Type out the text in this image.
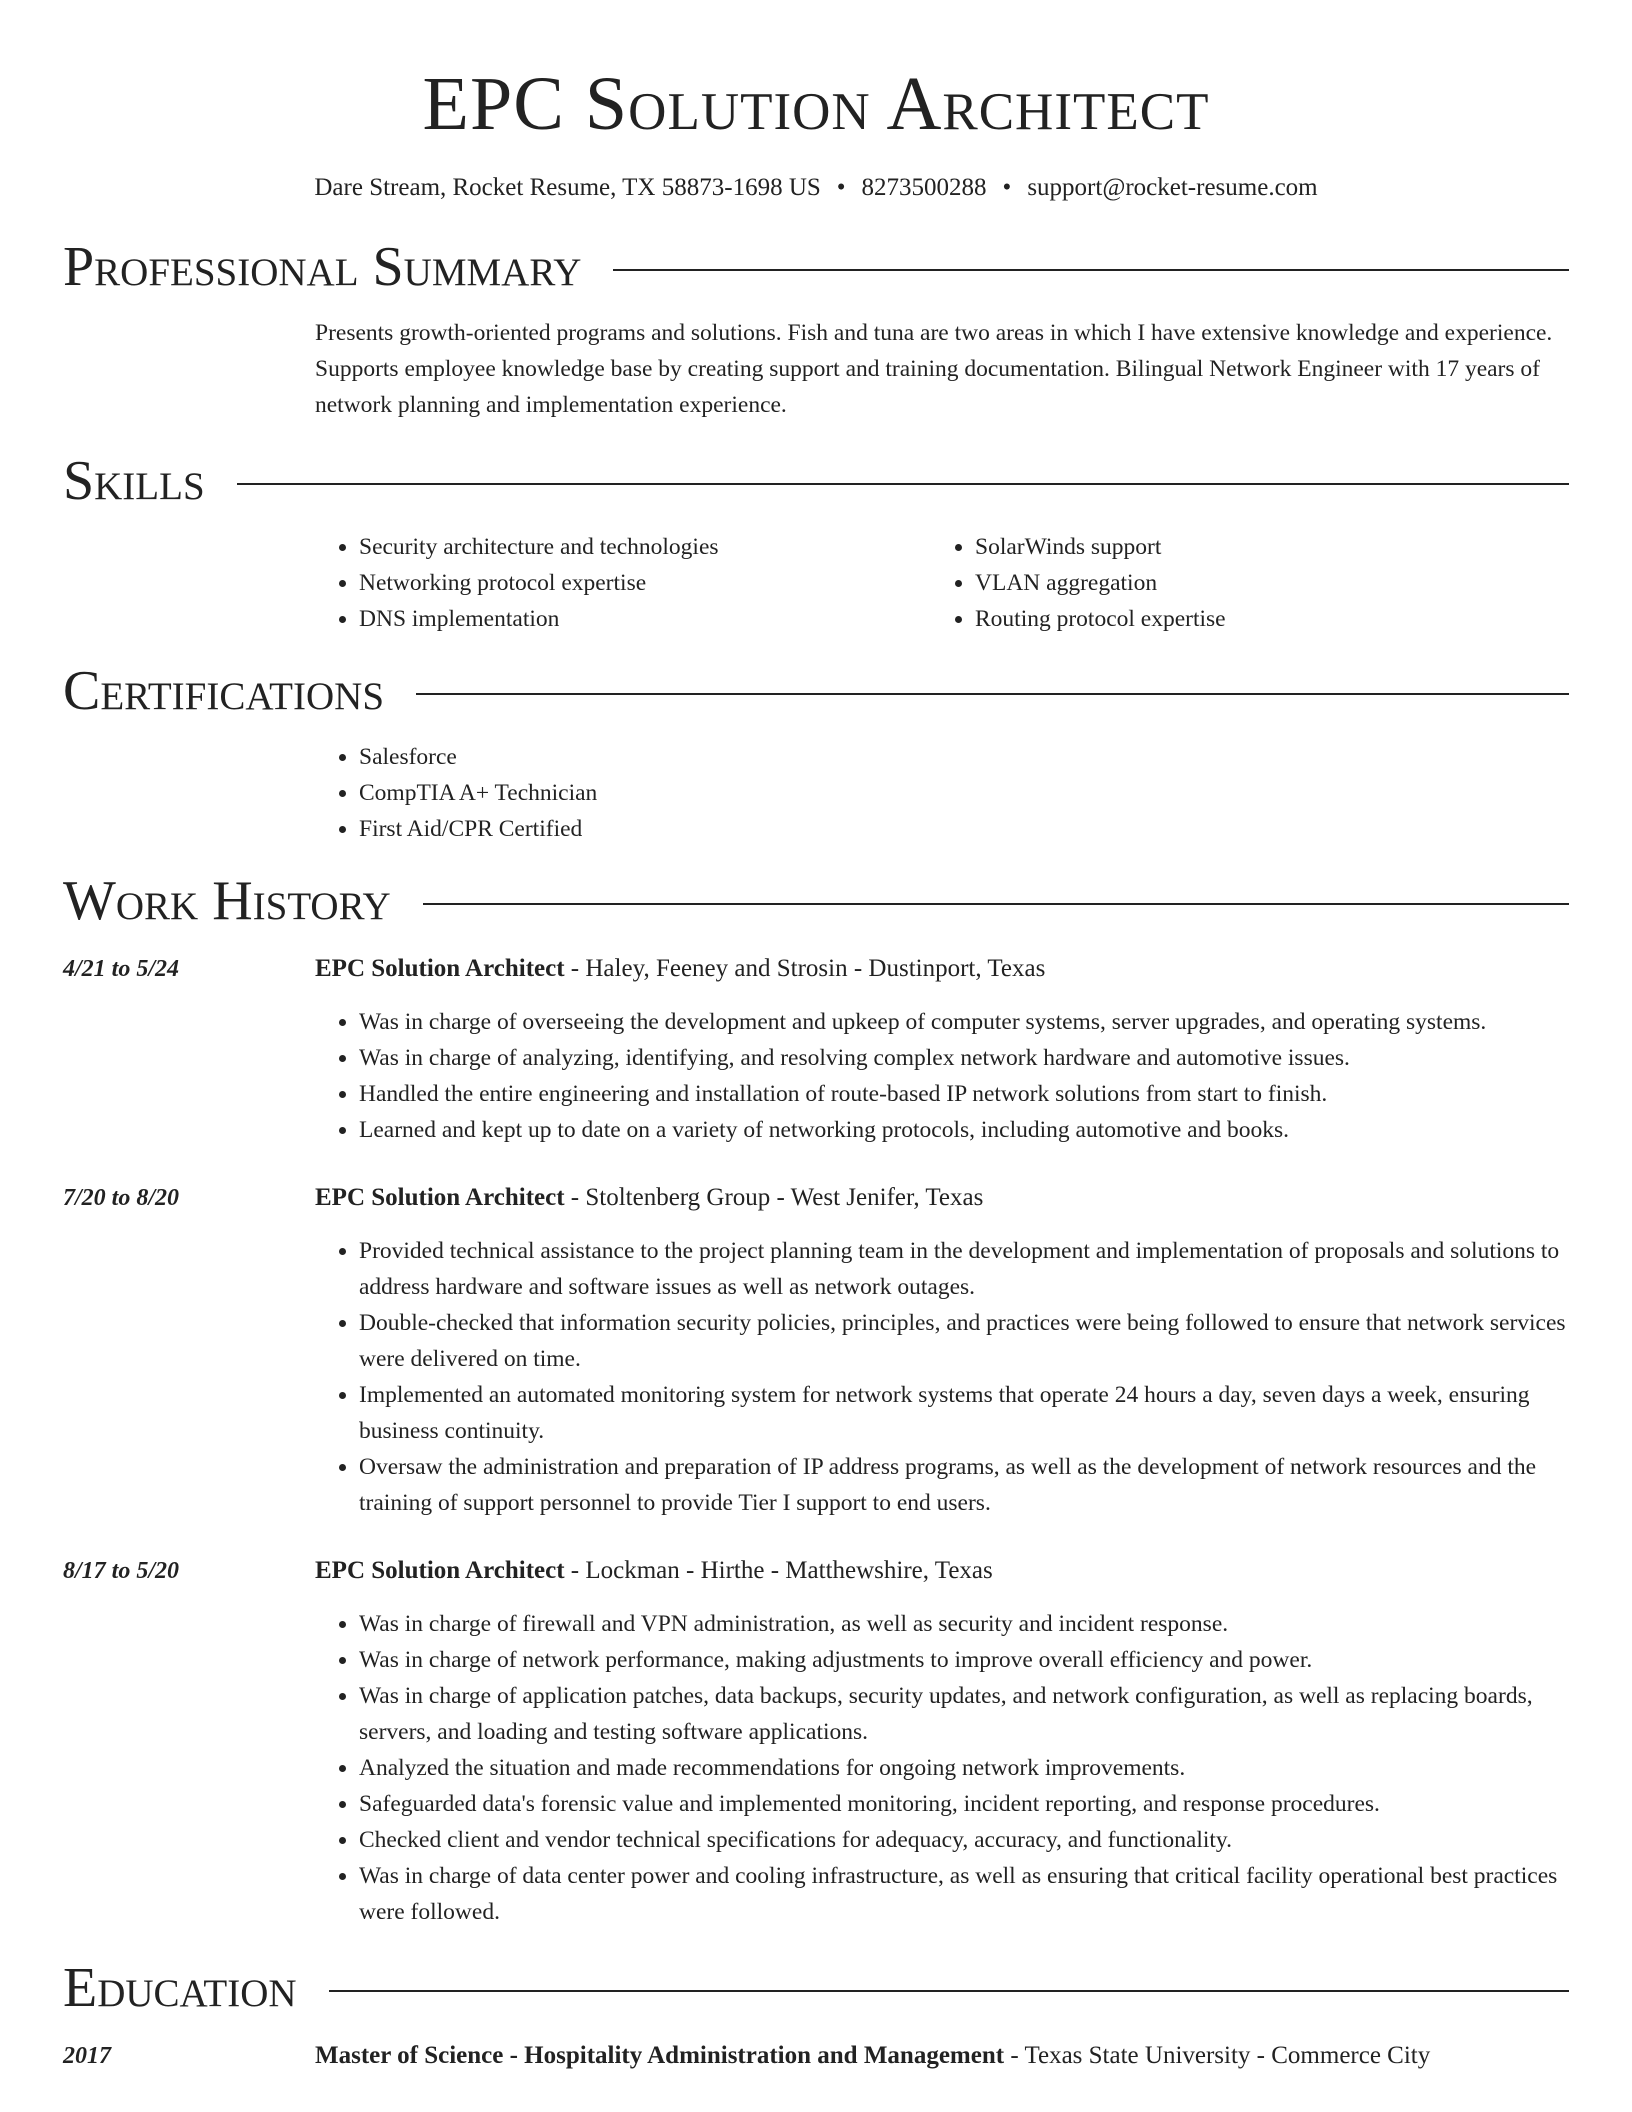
EPC Solution Architect
Dare Stream, Rocket Resume, TX 58873-1698 US • 8273500288 • support@rocket-resume.com
Professional Summary
Presents growth-oriented programs and solutions. Fish and tuna are two areas in which I have extensive knowledge and experience. Supports employee knowledge base by creating support and training documentation. Bilingual Network Engineer with 17 years of network planning and implementation experience.
Skills
• Security architecture and technologies
• Networking protocol expertise
• DNS implementation
• SolarWinds support
• VLAN aggregation
• Routing protocol expertise
Certifications
• Salesforce
• CompTIA A+ Technician
• First Aid/CPR Certified
Work History
4/21 to 5/24	EPC Solution Architect - Haley, Feeney and Strosin - Dustinport, Texas
• Was in charge of overseeing the development and upkeep of computer systems, server upgrades, and operating systems.
• Was in charge of analyzing, identifying, and resolving complex network hardware and automotive issues.
• Handled the entire engineering and installation of route-based IP network solutions from start to finish.
• Learned and kept up to date on a variety of networking protocols, including automotive and books.
7/20 to 8/20	EPC Solution Architect - Stoltenberg Group - West Jenifer, Texas
• Provided technical assistance to the project planning team in the development and implementation of proposals and solutions to address hardware and software issues as well as network outages.
• Double-checked that information security policies, principles, and practices were being followed to ensure that network services were delivered on time.
• Implemented an automated monitoring system for network systems that operate 24 hours a day, seven days a week, ensuring business continuity.
• Oversaw the administration and preparation of IP address programs, as well as the development of network resources and the training of support personnel to provide Tier I support to end users.
8/17 to 5/20	EPC Solution Architect - Lockman - Hirthe - Matthewshire, Texas
• Was in charge of firewall and VPN administration, as well as security and incident response.
• Was in charge of network performance, making adjustments to improve overall efficiency and power.
• Was in charge of application patches, data backups, security updates, and network configuration, as well as replacing boards, servers, and loading and testing software applications.
• Analyzed the situation and made recommendations for ongoing network improvements.
• Safeguarded data's forensic value and implemented monitoring, incident reporting, and response procedures.
• Checked client and vendor technical specifications for adequacy, accuracy, and functionality.
• Was in charge of data center power and cooling infrastructure, as well as ensuring that critical facility operational best practices were followed.
Education
2017	Master of Science - Hospitality Administration and Management - Texas State University - Commerce City
